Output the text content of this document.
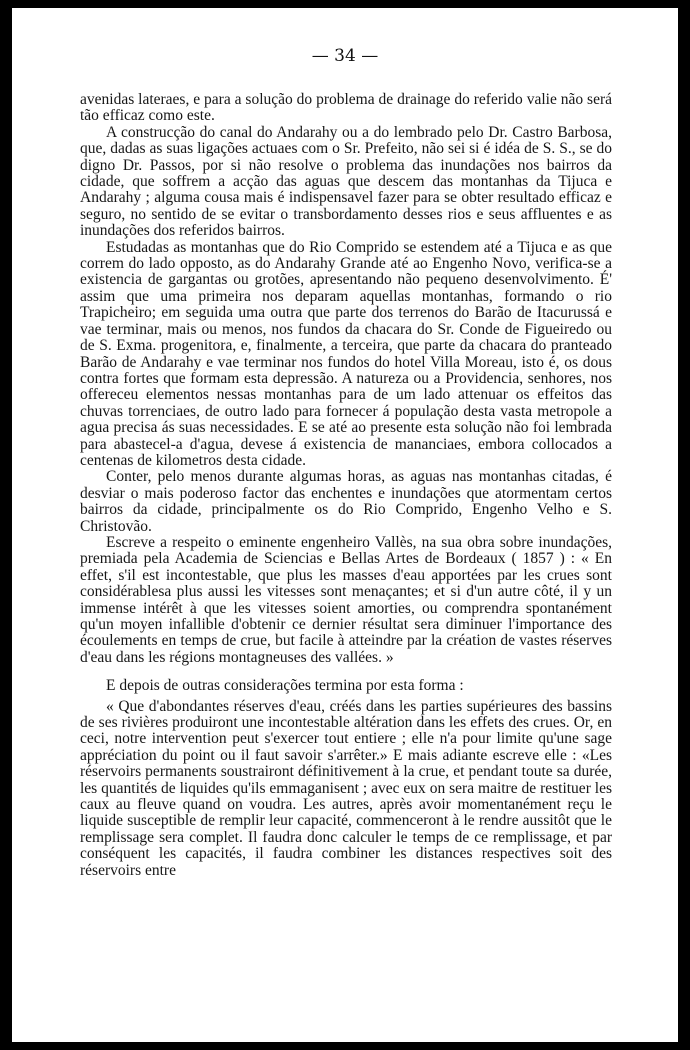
— 34 —

avenidas lateraes, e para a solução do problema de drainage do referido valie não será tão efficaz como este.

A construcção do canal do Andarahy ou a do lembrado pelo Dr. Castro Barbosa, que, dadas as suas ligações actuaes com o Sr. Prefeito, não sei si é idéa de S. S., se do digno Dr. Passos, por si não resolve o problema das inundações nos bairros da cidade, que soffrem a acção das aguas que descem das montanhas da Tijuca e Andarahy ; alguma cousa mais é indispensavel fazer para se obter resultado efficaz e seguro, no sentido de se evitar o transbordamento desses rios e seus affluentes e as inundações dos referidos bairros.

Estudadas as montanhas que do Rio Comprido se estendem até a Tijuca e as que correm do lado opposto, as do Andarahy Grande até ao Engenho Novo, verifica-se a existencia de gargantas ou grotões, apresentando não pequeno desenvolvimento. É' assim que uma primeira nos deparam aquellas montanhas, formando o rio Trapicheiro; em seguida uma outra que parte dos terrenos do Barão de Itacurussá e vae terminar, mais ou menos, nos fundos da chacara do Sr. Conde de Figueiredo ou de S. Exma. progenitora, e, finalmente, a terceira, que parte da chacara do pranteado Barão de Andarahy e vae terminar nos fundos do hotel Villa Moreau, isto é, os dous contra fortes que formam esta depressão. A natureza ou a Providencia, senhores, nos offereceu elementos nessas montanhas para de um lado attenuar os effeitos das chuvas torrenciaes, de outro lado para fornecer á população desta vasta metropole a agua precisa ás suas necessidades. E se até ao presente esta solução não foi lembrada para abastecel-a d'agua, devese á existencia de mananciaes, embora collocados a centenas de kilometros desta cidade.

Conter, pelo menos durante algumas horas, as aguas nas montanhas citadas, é desviar o mais poderoso factor das enchentes e inundações que atormentam certos bairros da cidade, principalmente os do Rio Comprido, Engenho Velho e S. Christovão.

Escreve a respeito o eminente engenheiro Vallès, na sua obra sobre inundações, premiada pela Academia de Sciencias e Bellas Artes de Bordeaux ( 1857 ) : « En effet, s'il est incontestable, que plus les masses d'eau apportées par les crues sont considérablesa plus aussi les vitesses sont menaçantes; et si d'un autre côté, il y un immense intérêt à que les vitesses soient amorties, ou comprendra spontanément qu'un moyen infallible d'obtenir ce dernier résultat sera diminuer l'importance des écoulements en temps de crue, but facile à atteindre par la création de vastes réserves d'eau dans les régions montagneuses des vallées. »

E depois de outras considerações termina por esta forma :

« Que d'abondantes réserves d'eau, créés dans les parties supérieures des bassins de ses rivières produiront une incontestable altération dans les effets des crues. Or, en ceci, notre intervention peut s'exercer tout entiere ; elle n'a pour limite qu'une sage appréciation du point ou il faut savoir s'arrêter.» E mais adiante escreve elle : «Les réservoirs permanents soustrairont définitivement à la crue, et pendant toute sa durée, les quantités de liquides qu'ils emmaganisent ; avec eux on sera maitre de restituer les caux au fleuve quand on voudra. Les autres, après avoir momentanément reçu le liquide susceptible de remplir leur capacité, commenceront à le rendre aussitôt que le remplissage sera complet. Il faudra donc calculer le temps de ce remplissage, et par conséquent les capacités, il faudra combiner les distances respectives soit des réservoirs entre
